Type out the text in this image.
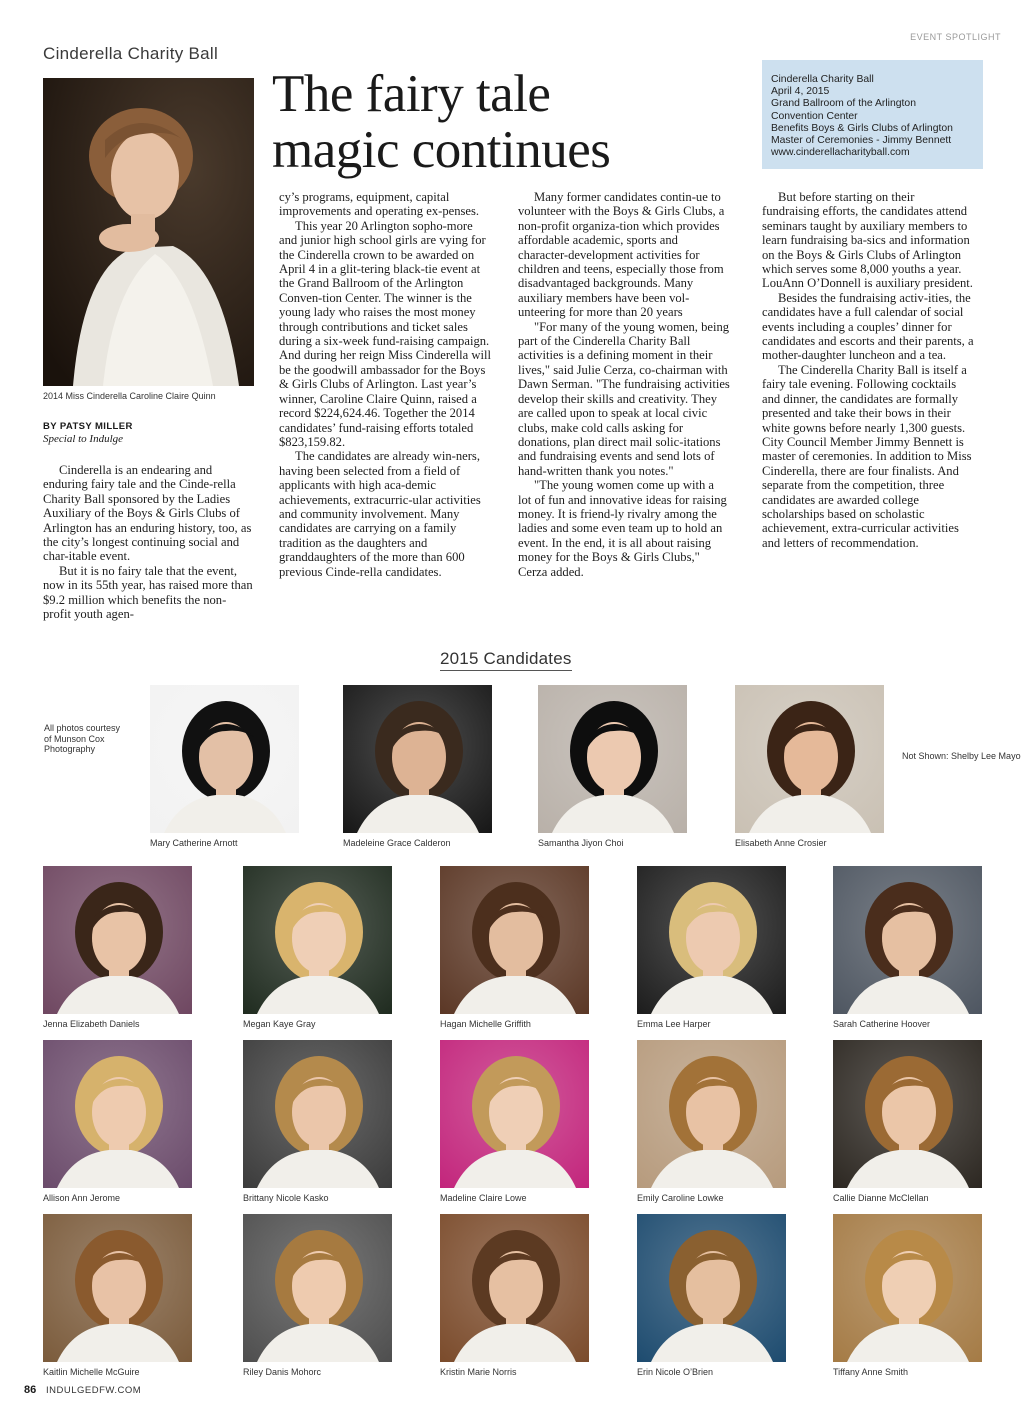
EVENT SPOTLIGHT
Cinderella Charity Ball
The fairy tale
magic continues
Cinderella Charity Ball
April 4, 2015
Grand Ballroom of the Arlington
Convention Center
Benefits Boys & Girls Clubs of Arlington
Master of Ceremonies - Jimmy Bennett
www.cinderellacharityball.com
2014 Miss Cinderella Caroline Claire Quinn
BY PATSY MILLER
Special to Indulge

Cinderella is an endearing and enduring fairy tale and the Cinde-rella Charity Ball sponsored by the Ladies Auxiliary of the Boys & Girls Clubs of Arlington has an enduring history, too, as the city’s longest continuing social and char-itable event.

But it is no fairy tale that the event, now in its 55th year, has raised more than $9.2 million which benefits the non-profit youth agen-

cy’s programs, equipment, capital improvements and operating ex-penses.

This year 20 Arlington sopho-more and junior high school girls are vying for the Cinderella crown to be awarded on April 4 in a glit-tering black-tie event at the Grand Ballroom of the Arlington Conven-tion Center. The winner is the young lady who raises the most money through contributions and ticket sales during a six-week fund-raising campaign. And during her reign Miss Cinderella will be the goodwill ambassador for the Boys & Girls Clubs of Arlington. Last year’s winner, Caroline Claire Quinn, raised a record $224,624.46. Together the 2014 candidates’ fund-raising efforts totaled $823,159.82.

The candidates are already win-ners, having been selected from a field of applicants with high aca-demic achievements, extracurric-ular activities and community involvement. Many candidates are carrying on a family tradition as the daughters and granddaughters of the more than 600 previous Cinde-rella candidates.

Many former candidates contin-ue to volunteer with the Boys & Girls Clubs, a non-profit organiza-tion which provides affordable academic, sports and character-development activities for children and teens, especially those from disadvantaged backgrounds. Many auxiliary members have been vol-unteering for more than 20 years

"For many of the young women, being part of the Cinderella Charity Ball activities is a defining moment in their lives," said Julie Cerza, co-chairman with Dawn Serman. "The fundraising activities develop their skills and creativity. They are called upon to speak at local civic clubs, make cold calls asking for donations, plan direct mail solic-itations and fundraising events and send lots of hand-written thank you notes."

"The young women come up with a lot of fun and innovative ideas for raising money. It is friend-ly rivalry among the ladies and some even team up to hold an event. In the end, it is all about raising money for the Boys & Girls Clubs," Cerza added.

But before starting on their fundraising efforts, the candidates attend seminars taught by auxiliary members to learn fundraising ba-sics and information on the Boys & Girls Clubs of Arlington which serves some 8,000 youths a year. LouAnn O’Donnell is auxiliary president.

Besides the fundraising activ-ities, the candidates have a full calendar of social events including a couples’ dinner for candidates and escorts and their parents, a mother-daughter luncheon and a tea.

The Cinderella Charity Ball is itself a fairy tale evening. Following cocktails and dinner, the candidates are formally presented and take their bows in their white gowns before nearly 1,300 guests. City Council Member Jimmy Bennett is master of ceremonies. In addition to Miss Cinderella, there are four finalists. And separate from the competition, three candidates are awarded college scholarships based on scholastic achievement, extra-curricular activities and letters of recommendation.

2015 Candidates
All photos courtesy of Munson Cox Photography
Not Shown: Shelby Lee Mayo
Mary Catherine Arnott	Madeleine Grace Calderon	Samantha Jiyon Choi	Elisabeth Anne Crosier
Jenna Elizabeth Daniels	Megan Kaye Gray	Hagan Michelle Griffith	Emma Lee Harper	Sarah Catherine Hoover
Allison Ann Jerome	Brittany Nicole Kasko	Madeline Claire Lowe	Emily Caroline Lowke	Callie Dianne McClellan
Kaitlin Michelle McGuire	Riley Danis Mohorc	Kristin Marie Norris	Erin Nicole O’Brien	Tiffany Anne Smith
86 INDULGEDFW.COM
